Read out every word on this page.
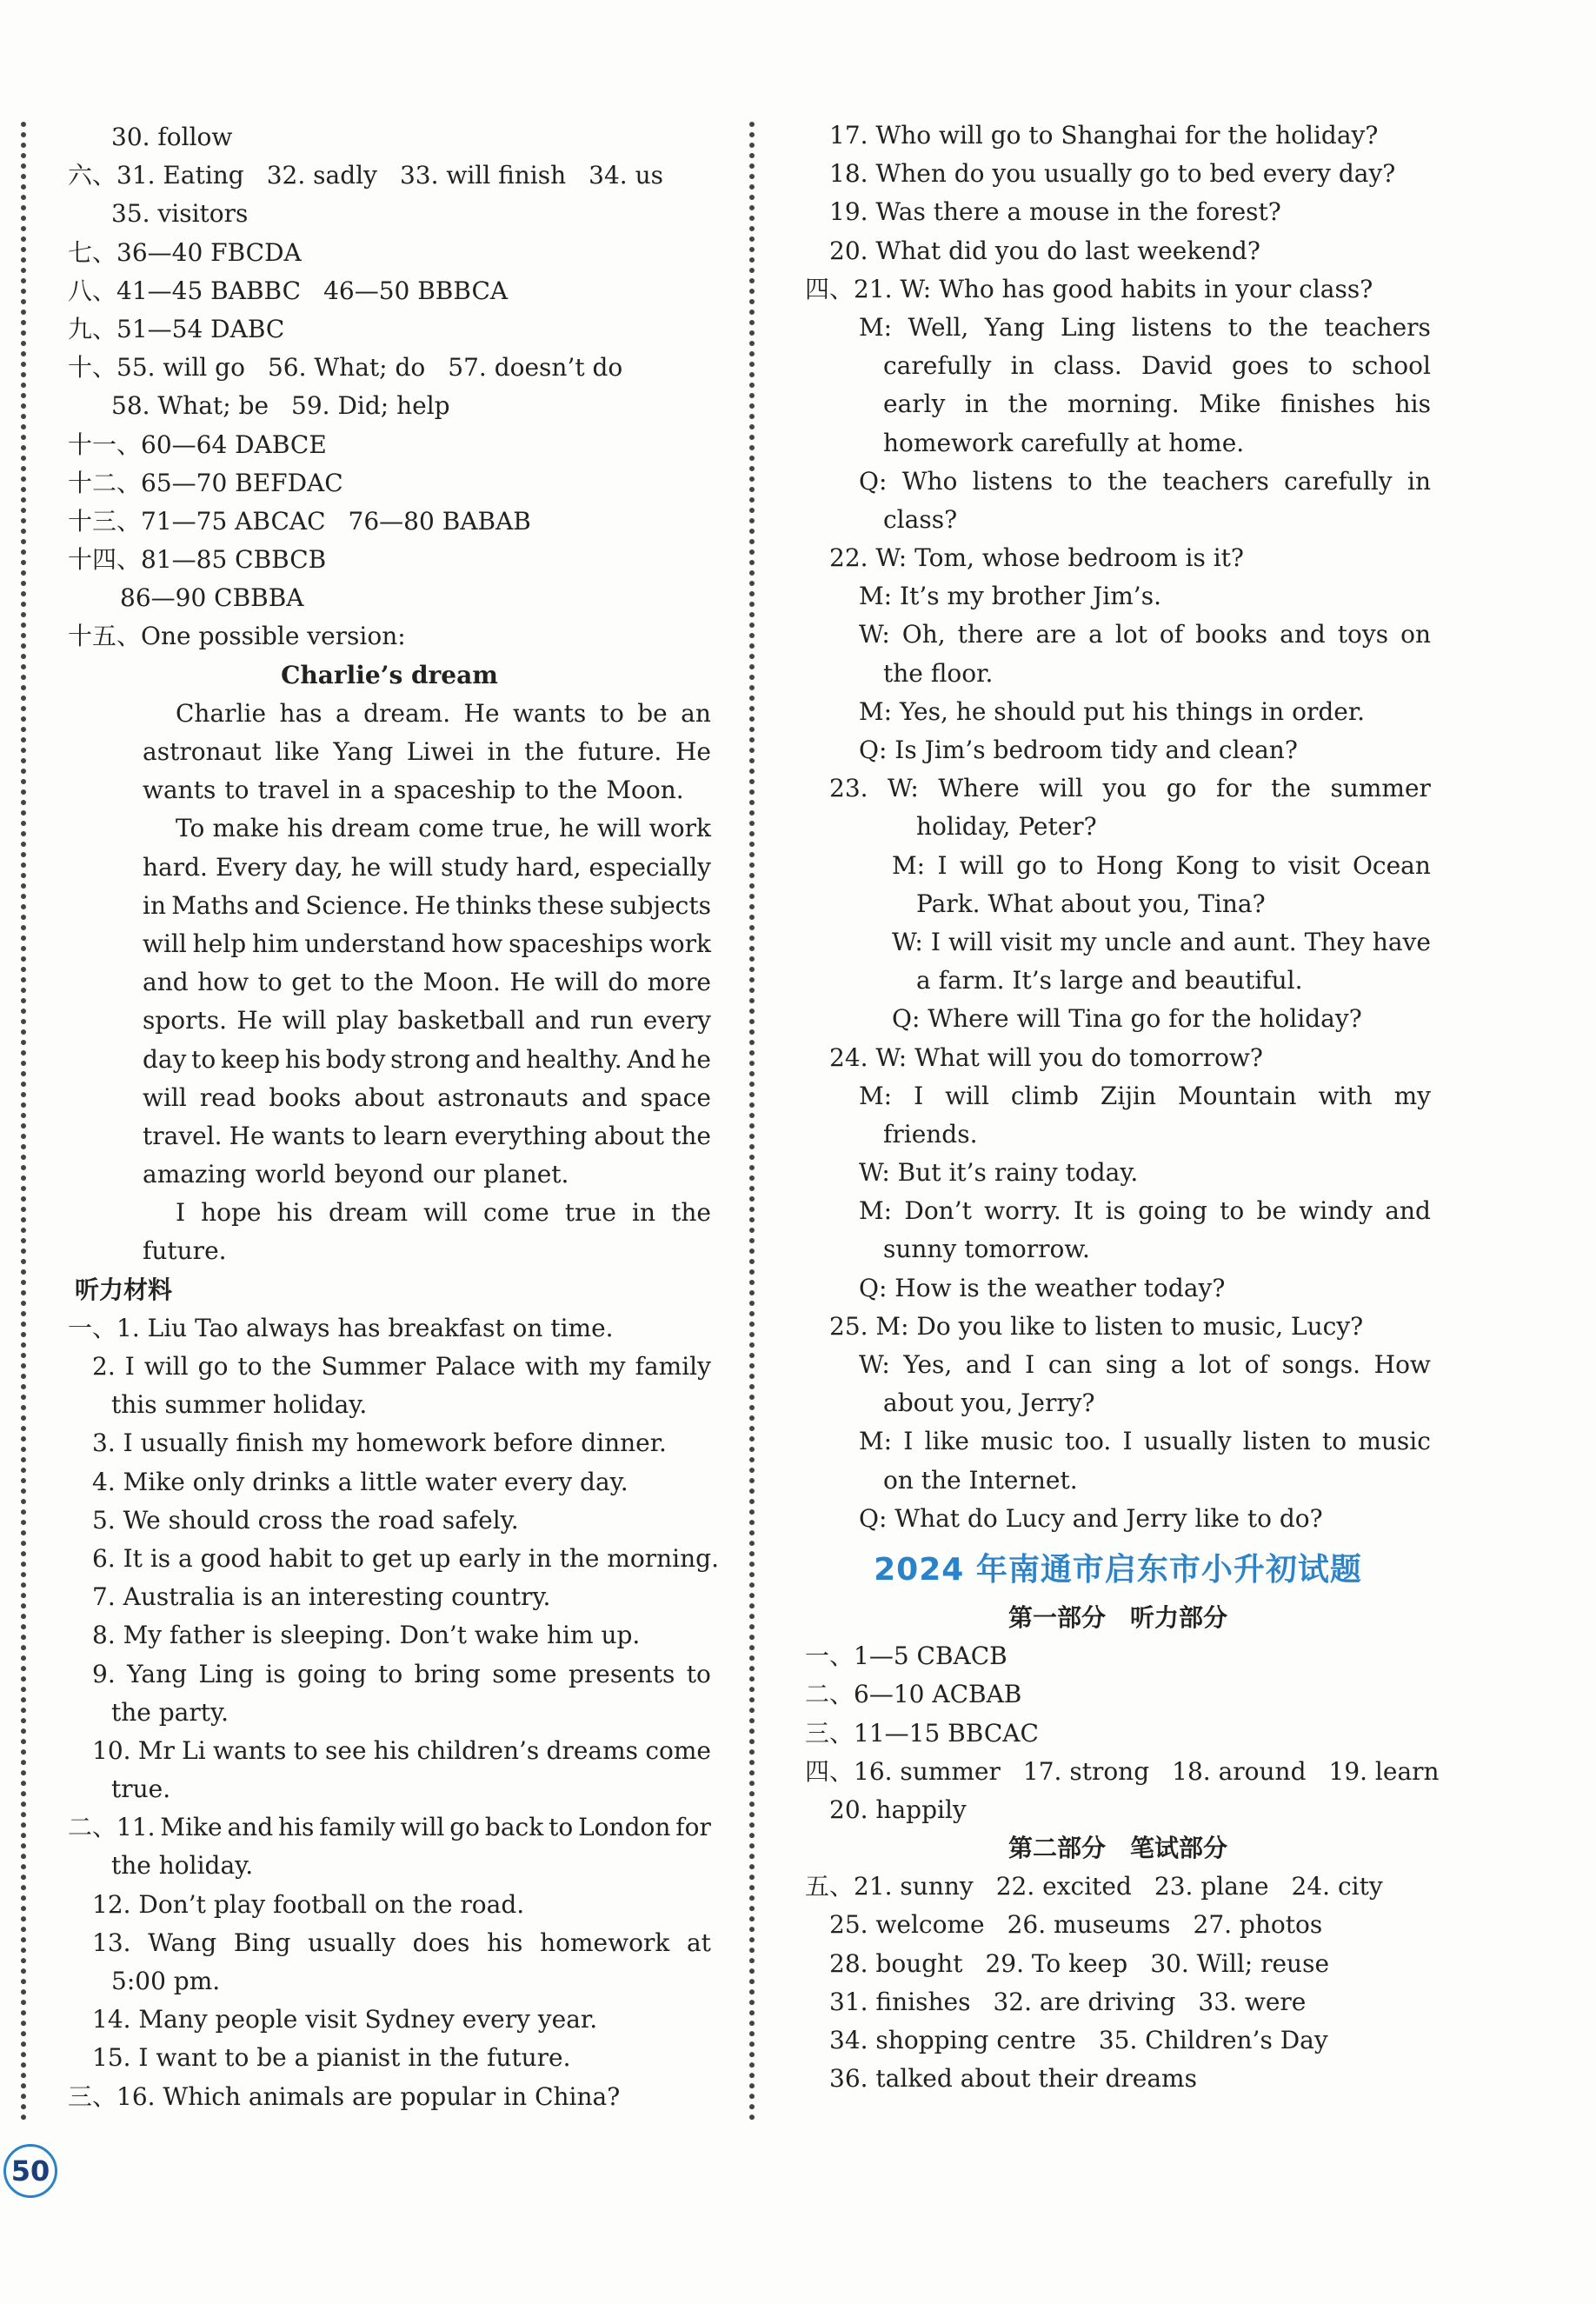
30. follow
六、31. Eating 32. sadly 33. will finish 34. us
35. visitors
七、36—40 FBCDA
八、41—45 BABBC 46—50 BBBCA
九、51—54 DABC
十、55. will go 56. What; do 57. doesn’t do
58. What; be 59. Did; help
十一、60—64 DABCE
十二、65—70 BEFDAC
十三、71—75 ABCAC 76—80 BABAB
十四、81—85 CBBCB
86—90 CBBBA
十五、One possible version:
Charlie’s dream
Charlie has a dream. He wants to be an
astronaut like Yang Liwei in the future. He
wants to travel in a spaceship to the Moon.
To make his dream come true, he will work
hard. Every day, he will study hard, especially
in Maths and Science. He thinks these subjects
will help him understand how spaceships work
and how to get to the Moon. He will do more
sports. He will play basketball and run every
day to keep his body strong and healthy. And he
will read books about astronauts and space
travel. He wants to learn everything about the
amazing world beyond our planet.
I hope his dream will come true in the
future.
听力材料
一、1. Liu Tao always has breakfast on time.
2. I will go to the Summer Palace with my family
this summer holiday.
3. I usually finish my homework before dinner.
4. Mike only drinks a little water every day.
5. We should cross the road safely.
6. It is a good habit to get up early in the morning.
7. Australia is an interesting country.
8. My father is sleeping. Don’t wake him up.
9. Yang Ling is going to bring some presents to
the party.
10. Mr Li wants to see his children’s dreams come
true.
二、11. Mike and his family will go back to London for
the holiday.
12. Don’t play football on the road.
13. Wang Bing usually does his homework at
5:00 pm.
14. Many people visit Sydney every year.
15. I want to be a pianist in the future.
三、16. Which animals are popular in China?
17. Who will go to Shanghai for the holiday?
18. When do you usually go to bed every day?
19. Was there a mouse in the forest?
20. What did you do last weekend?
四、21. W: Who has good habits in your class?
M: Well, Yang Ling listens to the teachers
carefully in class. David goes to school
early in the morning. Mike finishes his
homework carefully at home.
Q: Who listens to the teachers carefully in
class?
22. W: Tom, whose bedroom is it?
M: It’s my brother Jim’s.
W: Oh, there are a lot of books and toys on
the floor.
M: Yes, he should put his things in order.
Q: Is Jim’s bedroom tidy and clean?
23. W: Where will you go for the summer
holiday, Peter?
M: I will go to Hong Kong to visit Ocean
Park. What about you, Tina?
W: I will visit my uncle and aunt. They have
a farm. It’s large and beautiful.
Q: Where will Tina go for the holiday?
24. W: What will you do tomorrow?
M: I will climb Zijin Mountain with my
friends.
W: But it’s rainy today.
M: Don’t worry. It is going to be windy and
sunny tomorrow.
Q: How is the weather today?
25. M: Do you like to listen to music, Lucy?
W: Yes, and I can sing a lot of songs. How
about you, Jerry?
M: I like music too. I usually listen to music
on the Internet.
Q: What do Lucy and Jerry like to do?
2024 年南通市启东市小升初试题
第一部分　听力部分
一、1—5 CBACB
二、6—10 ACBAB
三、11—15 BBCAC
四、16. summer 17. strong 18. around 19. learn
20. happily
第二部分　笔试部分
五、21. sunny 22. excited 23. plane 24. city
25. welcome 26. museums 27. photos
28. bought 29. To keep 30. Will; reuse
31. finishes 32. are driving 33. were
34. shopping centre 35. Children’s Day
36. talked about their dreams
50
